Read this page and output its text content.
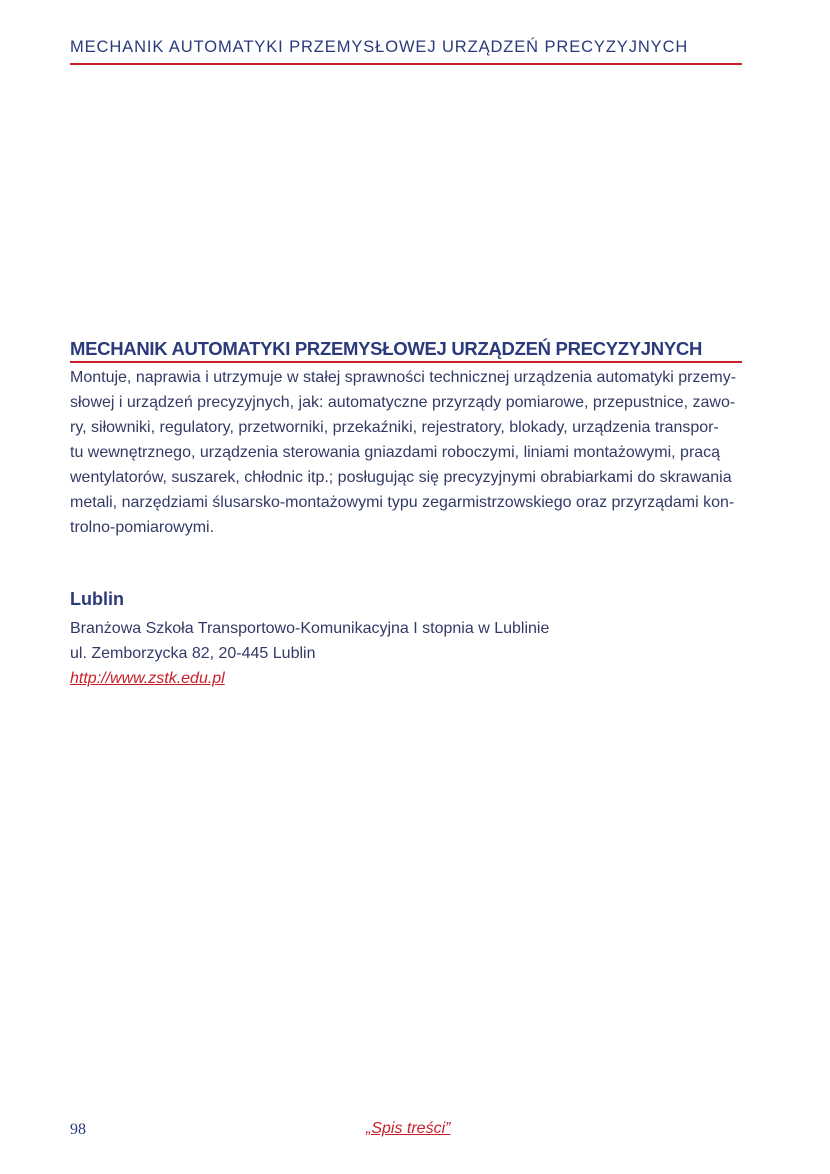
MECHANIK AUTOMATYKI PRZEMYSŁOWEJ URZĄDZEŃ PRECYZYJNYCH
MECHANIK AUTOMATYKI PRZEMYSŁOWEJ URZĄDZEŃ PRECYZYJNYCH
Montuje, naprawia i utrzymuje w stałej sprawności technicznej urządzenia automatyki przemy-
słowej i urządzeń precyzyjnych, jak: automatyczne przyrządy pomiarowe, przepustnice, zawo-
ry, siłowniki, regulatory, przetworniki, przekaźniki, rejestratory, blokady, urządzenia transpor-
tu wewnętrznego, urządzenia sterowania gniazdami roboczymi, liniami montażowymi, pracą
wentylatorów, suszarek, chłodnic itp.; posługując się precyzyjnymi obrabiarkami do skrawania
metali, narzędziami ślusarsko-montażowymi typu zegarmistrzowskiego oraz przyrządami kon-
trolno-pomiarowymi.
Lublin
Branżowa Szkoła Transportowo-Komunikacyjna I stopnia w Lublinie
ul. Zemborzycka 82, 20-445 Lublin
http://www.zstk.edu.pl
98	„Spis treści”
